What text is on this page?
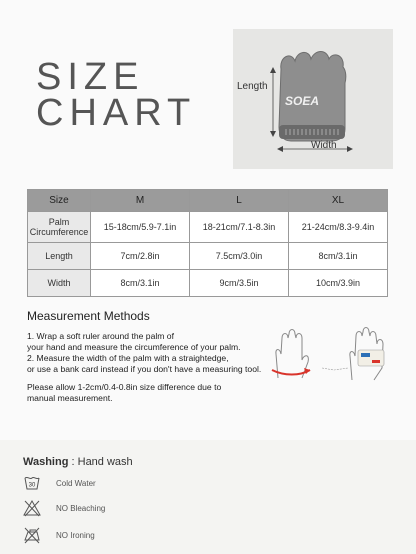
SIZE
CHART	SOEA
Length
Width
Size	M	L	XL
Palm Circumference	15-18cm/5.9-7.1in	18-21cm/7.1-8.3in	21-24cm/8.3-9.4in
Length	7cm/2.8in	7.5cm/3.0in	8cm/3.1in
Width	8cm/3.1in	9cm/3.5in	10cm/3.9in
Measurement Methods
1. Wrap a soft ruler around the palm of
your hand and measure the circumference of your palm.
2. Measure the width of the palm with a straightedge,
or use a bank card instead if you don't have a measuring tool.
Please allow 1-2cm/0.4-0.8in size difference due to
manual measurement.
Washing : Hand wash
30	Cold Water
NO Bleaching
NO Ironing
